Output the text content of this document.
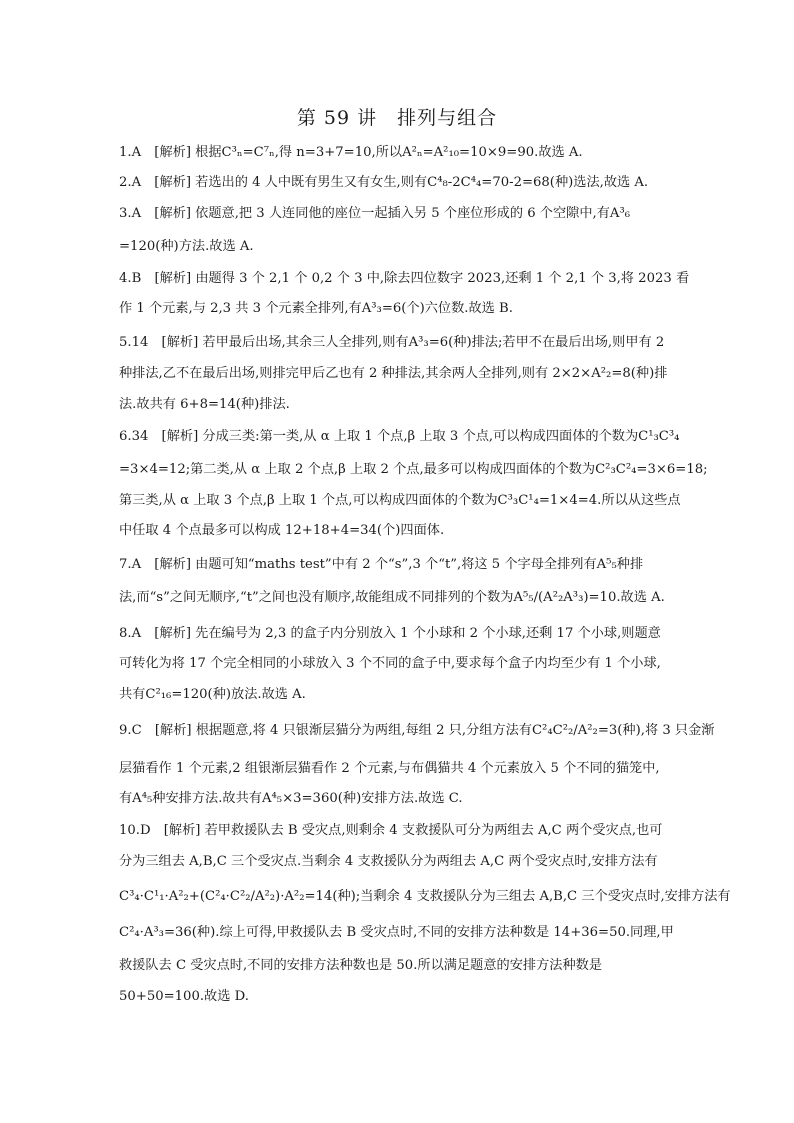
第 59 讲　排列与组合
1.A　[解析] 根据C³ₙ=C⁷ₙ,得 n=3+7=10,所以A²ₙ=A²₁₀=10×9=90.故选 A.
2.A　[解析] 若选出的 4 人中既有男生又有女生,则有C⁴₈-2C⁴₄=70-2=68(种)选法,故选 A.
3.A　[解析] 依题意,把 3 人连同他的座位一起插入另 5 个座位形成的 6 个空隙中,有A³₆
=120(种)方法.故选 A.
4.B　[解析] 由题得 3 个 2,1 个 0,2 个 3 中,除去四位数字 2023,还剩 1 个 2,1 个 3,将 2023 看
作 1 个元素,与 2,3 共 3 个元素全排列,有A³₃=6(个)六位数.故选 B.
5.14　[解析] 若甲最后出场,其余三人全排列,则有A³₃=6(种)排法;若甲不在最后出场,则甲有 2
种排法,乙不在最后出场,则排完甲后乙也有 2 种排法,其余两人全排列,则有 2×2×A²₂=8(种)排
法.故共有 6+8=14(种)排法.
6.34　[解析] 分成三类:第一类,从 α 上取 1 个点,β 上取 3 个点,可以构成四面体的个数为C¹₃C³₄
=3×4=12;第二类,从 α 上取 2 个点,β 上取 2 个点,最多可以构成四面体的个数为C²₃C²₄=3×6=18;
第三类,从 α 上取 3 个点,β 上取 1 个点,可以构成四面体的个数为C³₃C¹₄=1×4=4.所以从这些点
中任取 4 个点最多可以构成 12+18+4=34(个)四面体.
7.A　[解析] 由题可知“maths test”中有 2 个“s”,3 个“t”,将这 5 个字母全排列有A⁵₅种排
法,而“s”之间无顺序,“t”之间也没有顺序,故能组成不同排列的个数为A⁵₅/(A²₂A³₃)=10.故选 A.
8.A　[解析] 先在编号为 2,3 的盒子内分别放入 1 个小球和 2 个小球,还剩 17 个小球,则题意
可转化为将 17 个完全相同的小球放入 3 个不同的盒子中,要求每个盒子内均至少有 1 个小球,
共有C²₁₆=120(种)放法.故选 A.
9.C　[解析] 根据题意,将 4 只银渐层猫分为两组,每组 2 只,分组方法有C²₄C²₂/A²₂=3(种),将 3 只金渐
层猫看作 1 个元素,2 组银渐层猫看作 2 个元素,与布偶猫共 4 个元素放入 5 个不同的猫笼中,
有A⁴₅种安排方法.故共有A⁴₅×3=360(种)安排方法.故选 C.
10.D　[解析] 若甲救援队去 B 受灾点,则剩余 4 支救援队可分为两组去 A,C 两个受灾点,也可
分为三组去 A,B,C 三个受灾点.当剩余 4 支救援队分为两组去 A,C 两个受灾点时,安排方法有
C³₄·C¹₁·A²₂+(C²₄·C²₂/A²₂)·A²₂=14(种);当剩余 4 支救援队分为三组去 A,B,C 三个受灾点时,安排方法有
C²₄·A³₃=36(种).综上可得,甲救援队去 B 受灾点时,不同的安排方法种数是 14+36=50.同理,甲
救援队去 C 受灾点时,不同的安排方法种数也是 50.所以满足题意的安排方法种数是
50+50=100.故选 D.
